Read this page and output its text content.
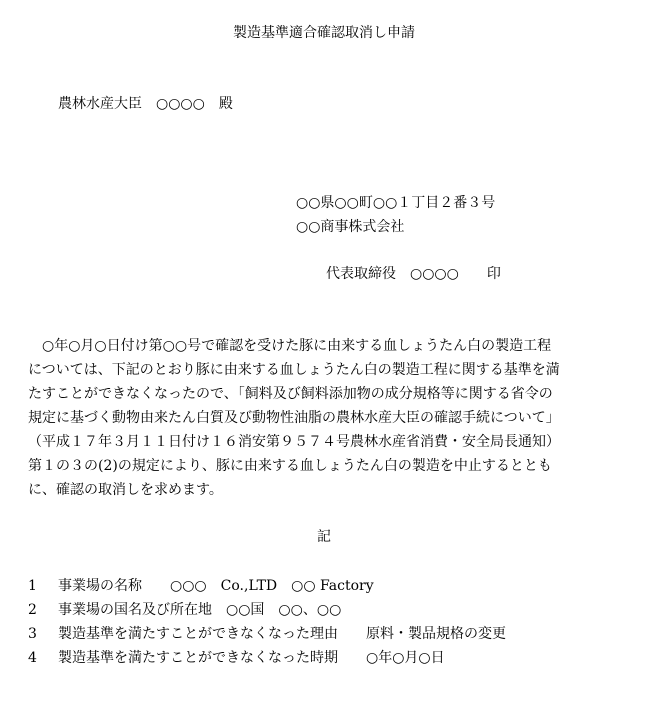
製造基準適合確認取消し申請
農林水産大臣　○○○○　殿
○○県○○町○○１丁目２番３号
○○商事株式会社
代表取締役　○○○○　　印
　○年○月○日付け第○○号で確認を受けた豚に由来する血しょうたん白の製造工程
については、下記のとおり豚に由来する血しょうたん白の製造工程に関する基準を満
たすことができなくなったので、「飼料及び飼料添加物の成分規格等に関する省令の
規定に基づく動物由来たん白質及び動物性油脂の農林水産大臣の確認手続について」
（平成１７年３月１１日付け１６消安第９５７４号農林水産省消費・安全局長通知）
第１の３の(2)の規定により、豚に由来する血しょうたん白の製造を中止するととも
に、確認の取消しを求めます。
記
1 事業場の名称　　○○○　Co.,LTD　○○ Factory
2 事業場の国名及び所在地　○○国　○○、○○
3 製造基準を満たすことができなくなった理由　　原料・製品規格の変更
4 製造基準を満たすことができなくなった時期　　○年○月○日
